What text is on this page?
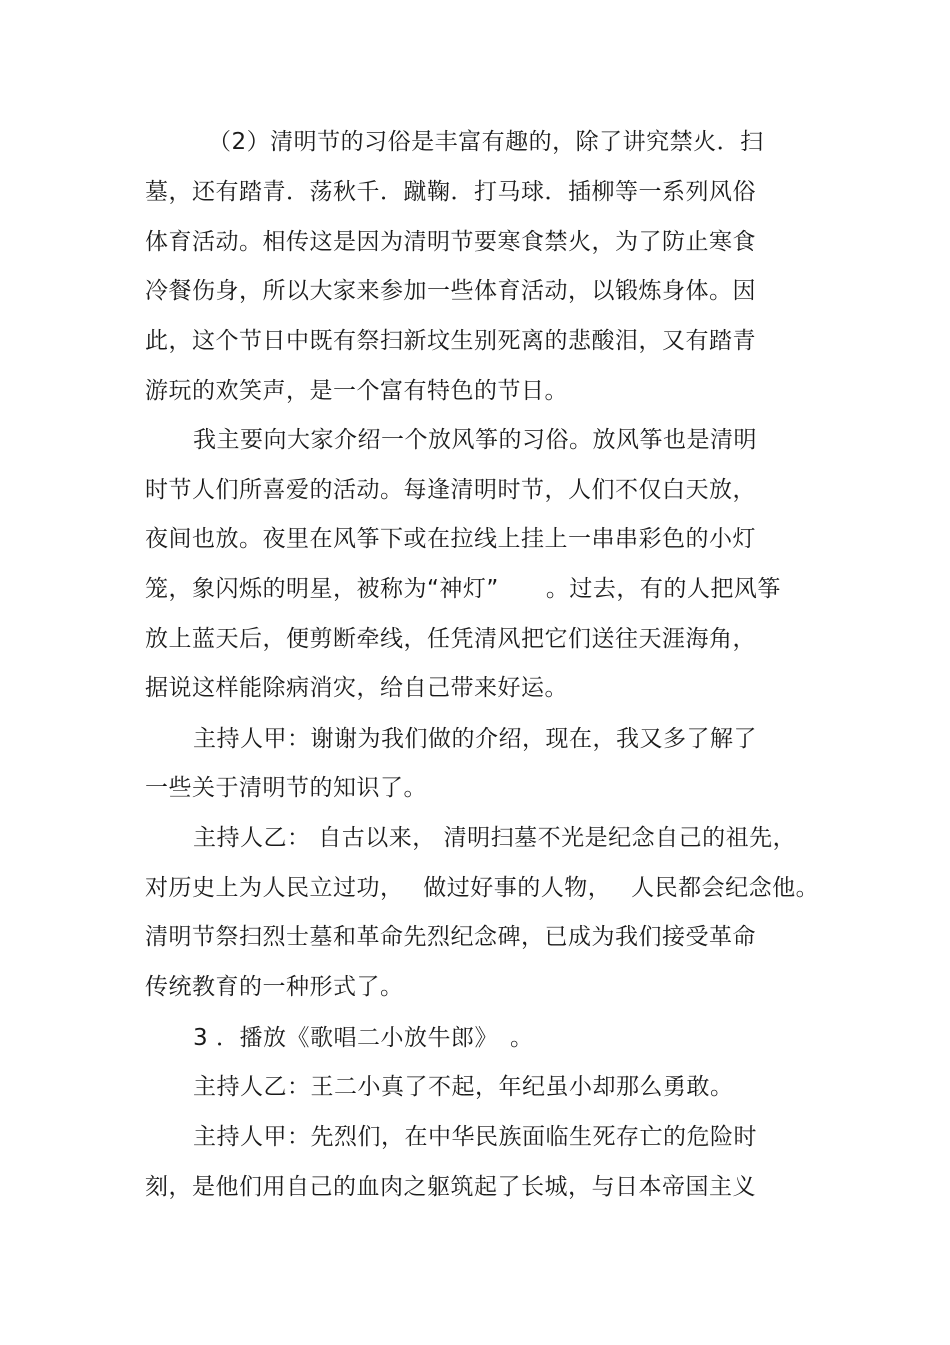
（2）清明节的习俗是丰富有趣的，除了讲究禁火．扫
墓，还有踏青．荡秋千．蹴鞠．打马球．插柳等一系列风俗
体育活动。相传这是因为清明节要寒食禁火，为了防止寒食
冷餐伤身，所以大家来参加一些体育活动，以锻炼身体。因
此，这个节日中既有祭扫新坟生别死离的悲酸泪，又有踏青
游玩的欢笑声，是一个富有特色的节日。
我主要向大家介绍一个放风筝的习俗。放风筝也是清明
时节人们所喜爱的活动。每逢清明时节，人们不仅白天放，
夜间也放。夜里在风筝下或在拉线上挂上一串串彩色的小灯
笼，象闪烁的明星，被称为“神灯”　　。过去，有的人把风筝
放上蓝天后，便剪断牵线，任凭清风把它们送往天涯海角，
据说这样能除病消灾，给自己带来好运。
主持人甲：谢谢为我们做的介绍，现在，我又多了解了
一些关于清明节的知识了。
主持人乙： 自古以来， 清明扫墓不光是纪念自己的祖先，
对历史上为人民立过功，　 做过好事的人物，　 人民都会纪念他。
清明节祭扫烈士墓和革命先烈纪念碑，已成为我们接受革命
传统教育的一种形式了。
3 ．播放《歌唱二小放牛郎》　。
主持人乙：王二小真了不起，年纪虽小却那么勇敢。
主持人甲：先烈们，在中华民族面临生死存亡的危险时
刻，是他们用自己的血肉之躯筑起了长城，与日本帝国主义
